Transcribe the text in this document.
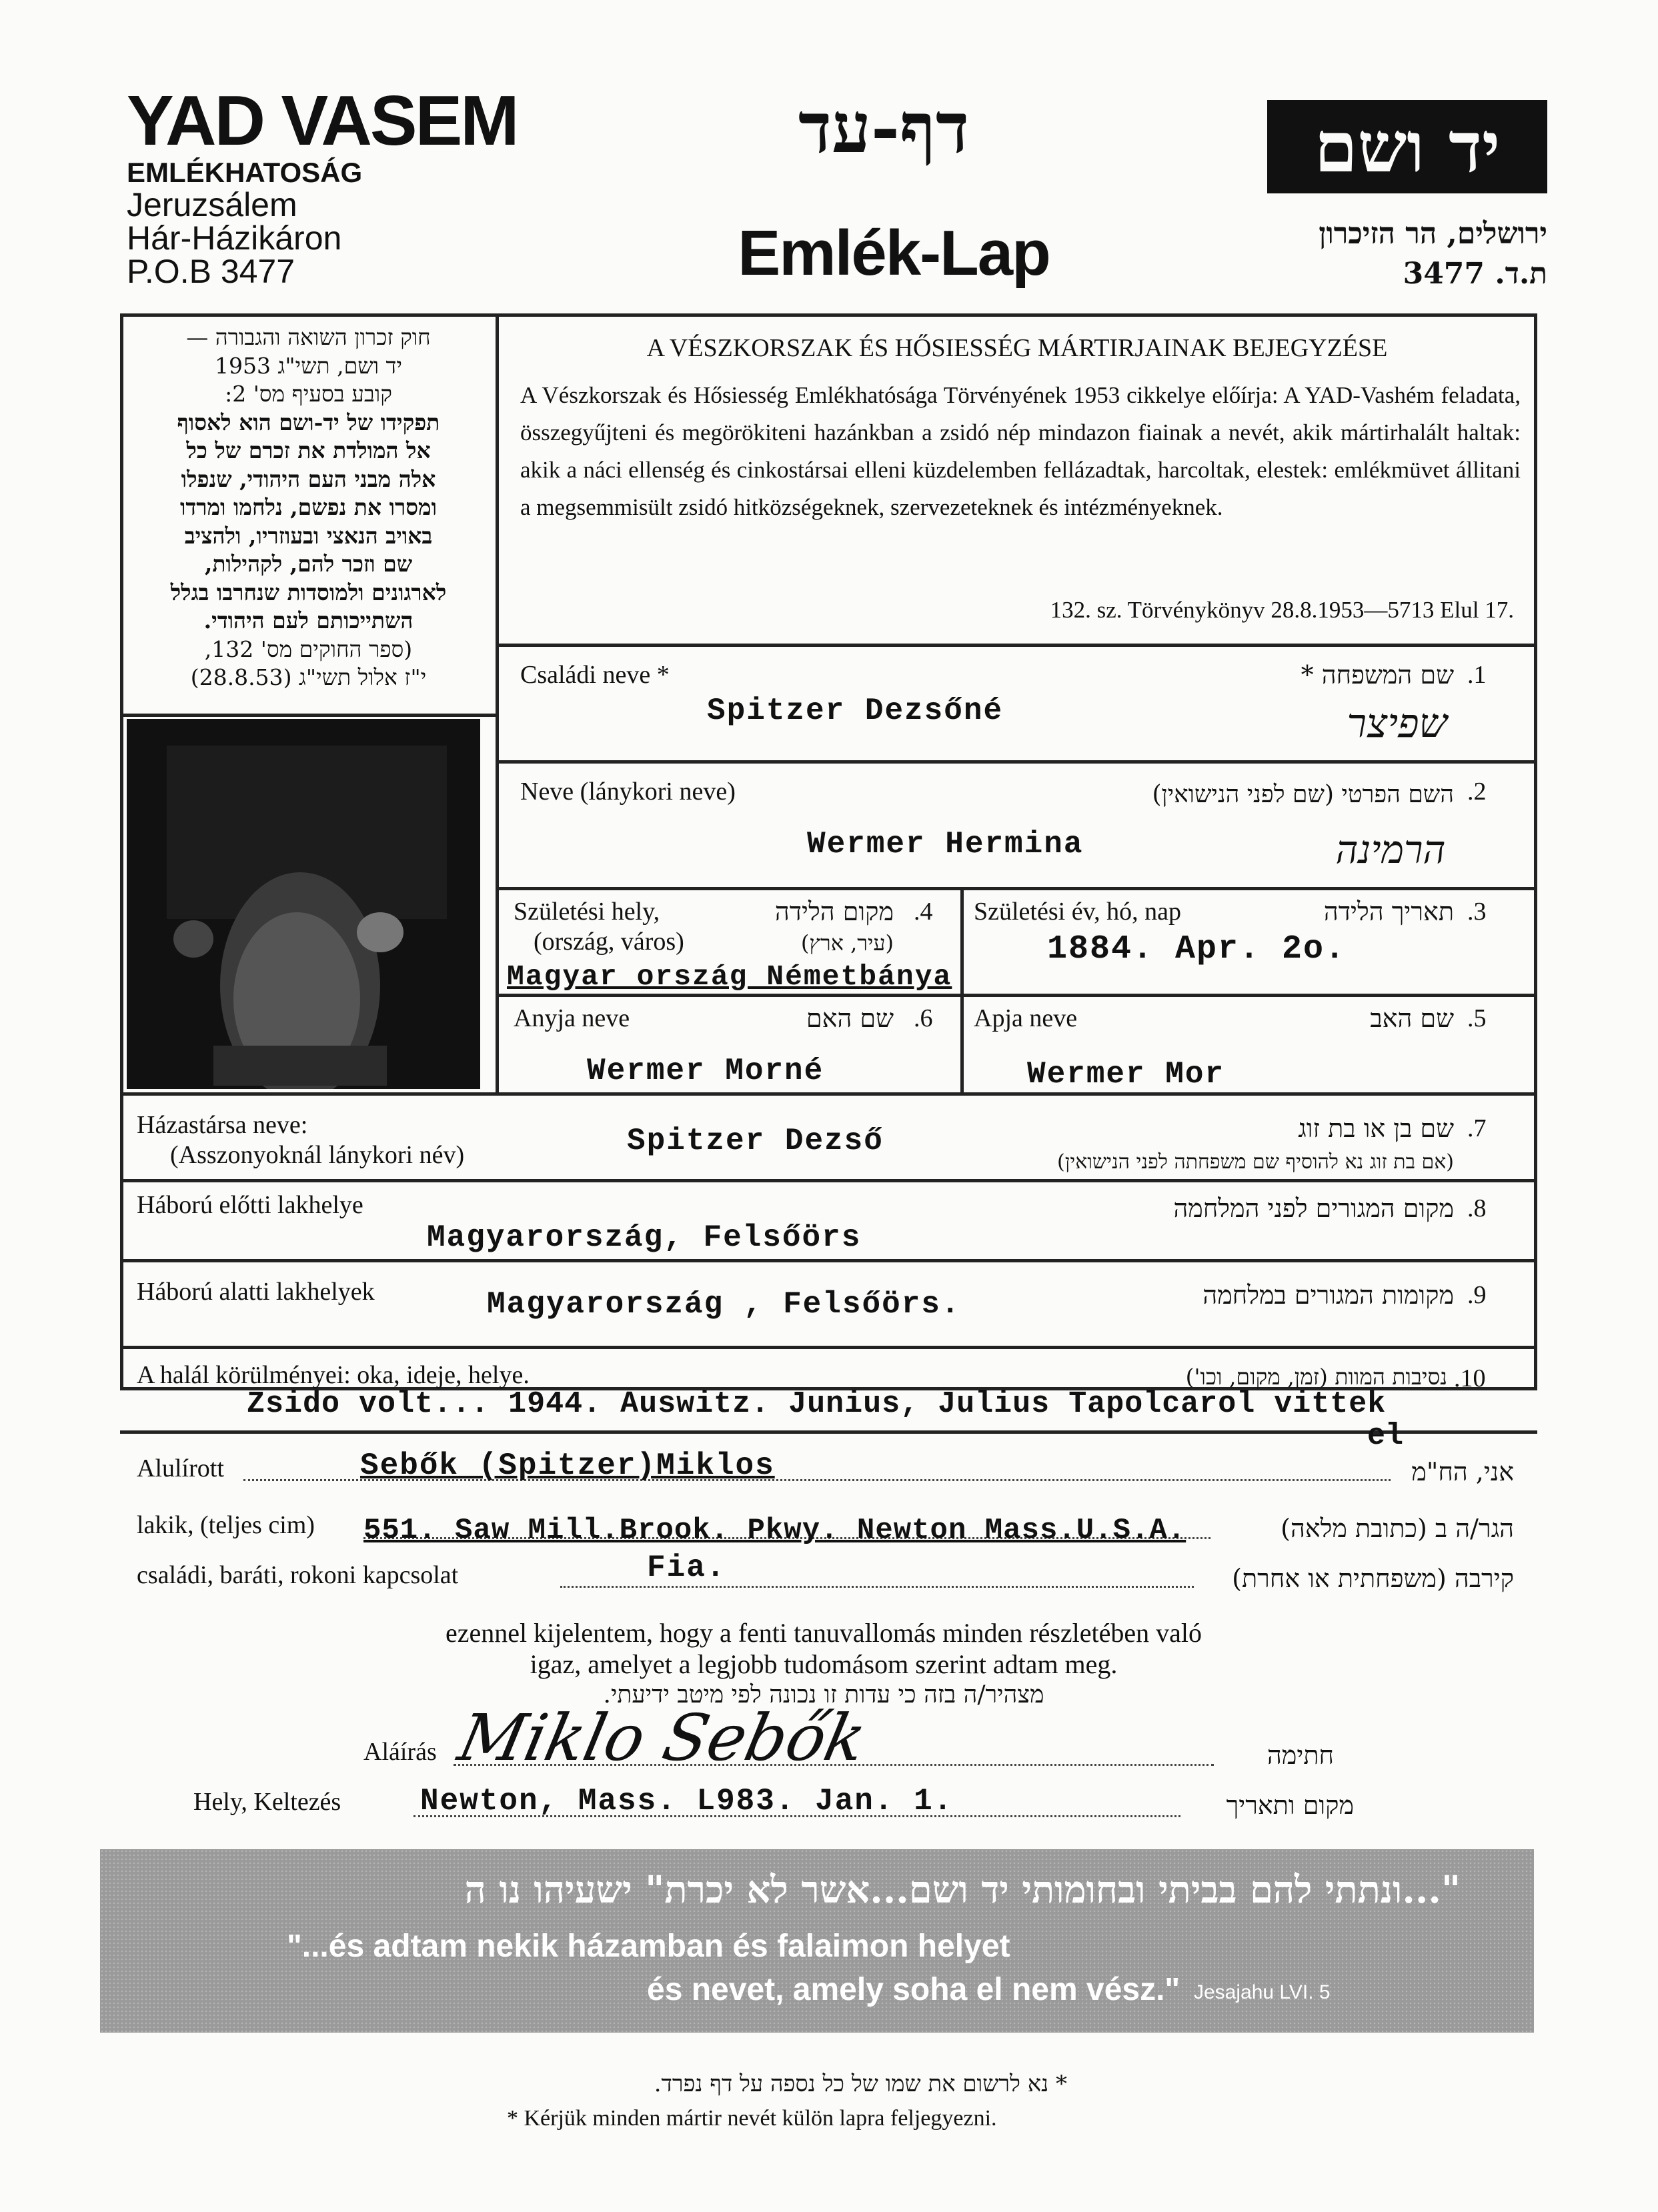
YAD VASEM
EMLÉKHATOSÁG
Jeruzsálem
Hár-Házikáron
P.O.B 3477
דף-עד
Emlék-Lap
יד ושם
ירושלים, הר הזיכרון
ת.ד. 3477
חוק זכרון השואה והגבורה —
יד ושם, תשי"ג 1953
קובע בסעיף מס' 2:
תפקידו של יד-ושם הוא לאסוף
אל המולדת את זכרם של כל
אלה מבני העם היהודי, שנפלו
ומסרו את נפשם, נלחמו ומרדו
באויב הנאצי ובעוזריו, ולהציב
שם וזכר להם, לקהילות,
לארגונים ולמוסדות שנחרבו בגלל
השתייכותם לעם היהודי.
(ספר החוקים מס' 132,
י"ז אלול תשי"ג (28.8.53)
A VÉSZKORSZAK ÉS HŐSIESSÉG MÁRTIRJAINAK BEJEGYZÉSE
A Vészkorszak és Hősiesség Emlékhatósága Törvényének 1953 cikkelye előírja: A YAD-Vashém feladata, összegyűjteni és megörökiteni hazánkban a zsidó nép mindazon fiainak a nevét, akik mártirhalált haltak: akik a náci ellenség és cinkostársai elleni küzdelemben fellázadtak, harcoltak, elestek: emlékmüvet állitani a megsemmisült zsidó hitközségeknek, szervezeteknek és intézményeknek.
132. sz. Törvénykönyv 28.8.1953—5713 Elul 17.
Családi neve *	שם המשפחה * .1
Spitzer Dezsőné	שפיצר
Neve (lánykori neve)	השם הפרטי (שם לפני הנישואין) .2
Wermer Hermina	הרמינה
Születési hely,	מקום הלידה .4
(ország, város)	(עיר, ארץ)
Magyar ország Németbánya
Születési év, hó, nap	תאריך הלידה .3
1884. Apr. 2o.
Anyja neve	שם האם .6
Wermer Morné
Apja neve	שם האב .5
Wermer Mor
Házastársa neve:
(Asszonyoknál lánykori név)	Spitzer Dezső	שם בן או בת זוג
(אם בת זוג נא להוסיף שם משפחתה לפני הנישואין)
.7
Háború előtti lakhelye	מקום המגורים לפני המלחמה .8
Magyarország, Felsőörs
Háború alatti lakhelyek	Magyarország , Felsőörs.	מקומות המגורים במלחמה .9
A halál körülményei: oka, ideje, helye.	נסיבות המוות (זמן, מקום, וכו') .10
Zsido volt... 1944. Auswitz. Junius, Julius Tapolcarol vittek
el
Alulírott	Sebők (Spitzer)Miklos	אני, הח"מ
lakik, (teljes cim) 551. Saw Mill.Brook. Pkwy. Newton Mass.U.S.A.	הגר/ה ב (כתובת מלאה)
családi, baráti, rokoni kapcsolat	Fia.	קירבה (משפחתית או אחרת)
ezennel kijelentem, hogy a fenti tanuvallomás minden részletében való
igaz, amelyet a legjobb tudomásom szerint adtam meg.
מצהיר/ה בזה כי עדות זו נכונה לפי מיטב ידיעתי.
Aláírás Miklo Sebők	חתימה
Hely, Keltezés	Newton, Mass. L983. Jan. 1.	מקום ותאריך
"...ונתתי להם בביתי ובחומותי יד ושם...אשר לא יכרת" ישעיהו נו ה
"...és adtam nekik házamban és falaimon helyet
és nevet, amely soha el nem vész." Jesajahu LVI. 5
* נא לרשום את שמו של כל נספה על דף נפרד.
* Kérjük minden mártir nevét külön lapra feljegyezni.
